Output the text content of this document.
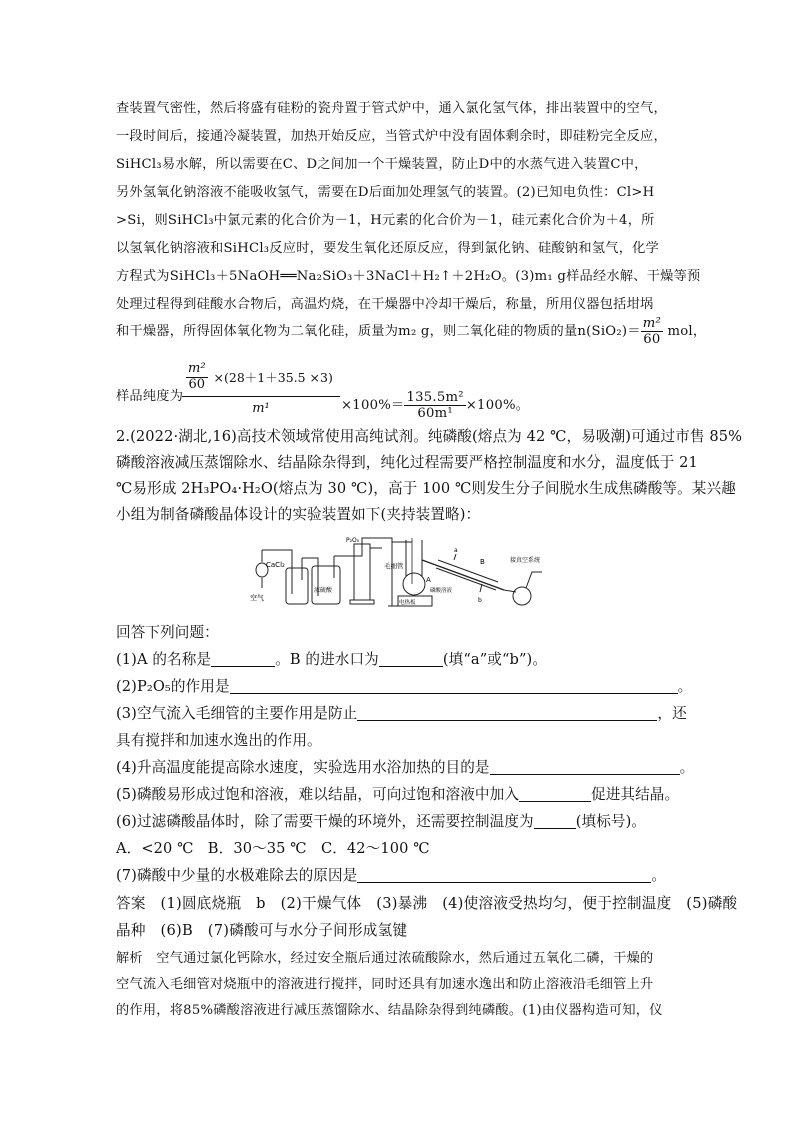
查装置气密性，然后将盛有硅粉的瓷舟置于管式炉中，通入氯化氢气体，排出装置中的空气，
一段时间后，接通冷凝装置，加热开始反应，当管式炉中没有固体剩余时，即硅粉完全反应，
SiHCl₃易水解，所以需要在C、D之间加一个干燥装置，防止D中的水蒸气进入装置C中，
另外氢氧化钠溶液不能吸收氢气，需要在D后面加处理氢气的装置。(2)已知电负性：Cl>H
>Si，则SiHCl₃中氯元素的化合价为－1，H元素的化合价为－1，硅元素化合价为＋4，所
以氢氧化钠溶液和SiHCl₃反应时，要发生氧化还原反应，得到氯化钠、硅酸钠和氢气，化学
方程式为SiHCl₃＋5NaOH══Na₂SiO₃＋3NaCl＋H₂↑＋2H₂O。(3)m₁ g样品经水解、干燥等预
处理过程得到硅酸水合物后，高温灼烧，在干燥器中冷却干燥后，称量，所用仪器包括坩埚
和干燥器，所得固体氧化物为二氧化硅，质量为m₂ g，则二氧化硅的物质的量$n(SiO_2)= \frac{\text{m²}}{60}$ mol，
样品纯度为
$\frac{\frac{\text{m²}}{60} \times(28+1+35.5 \times 3)}{\text{m¹}} \times 100\%= \frac{\text{135.5m²}}{\text{60m¹}} \times 100\%$。
2.(2022·湖北,16)高技术领域常使用高纯试剂。纯磷酸(熔点为 42 ℃，易吸潮)可通过市售 85%
磷酸溶液减压蒸馏除水、结晶除杂得到，纯化过程需要严格控制温度和水分，温度低于 21
℃易形成 2H₃PO₄·H₂O(熔点为 30 ℃)，高于 100 ℃则发生分子间脱水生成焦磷酸等。某兴趣
小组为制备磷酸晶体设计的实验装置如下(夹持装置略)：
CaCl₂
空气
浓硫酸
P₂O₅
毛细管
A
B
a
b
磷酸溶液
电热板
接真空系统
回答下列问题：
(1)A 的名称是	。B 的进水口为	(填“a”或“b”)。
(2)P₂O₅的作用是	。
(3)空气流入毛细管的主要作用是防止	，还
具有搅拌和加速水逸出的作用。
(4)升高温度能提高除水速度，实验选用水浴加热的目的是	。
(5)磷酸易形成过饱和溶液，难以结晶，可向过饱和溶液中加入	促进其结晶。
(6)过滤磷酸晶体时，除了需要干燥的环境外，还需要控制温度为	(填标号)。
A．<20 ℃   B．30～35 ℃   C．42～100 ℃
(7)磷酸中少量的水极难除去的原因是	。
答案　(1)圆底烧瓶　b　(2)干燥气体　(3)暴沸　(4)使溶液受热均匀，便于控制温度　(5)磷酸
晶种　(6)B　(7)磷酸可与水分子间形成氢键
解析　空气通过氯化钙除水，经过安全瓶后通过浓硫酸除水，然后通过五氧化二磷，干燥的
空气流入毛细管对烧瓶中的溶液进行搅拌，同时还具有加速水逸出和防止溶液沿毛细管上升
的作用，将85%磷酸溶液进行减压蒸馏除水、结晶除杂得到纯磷酸。(1)由仪器构造可知，仪
